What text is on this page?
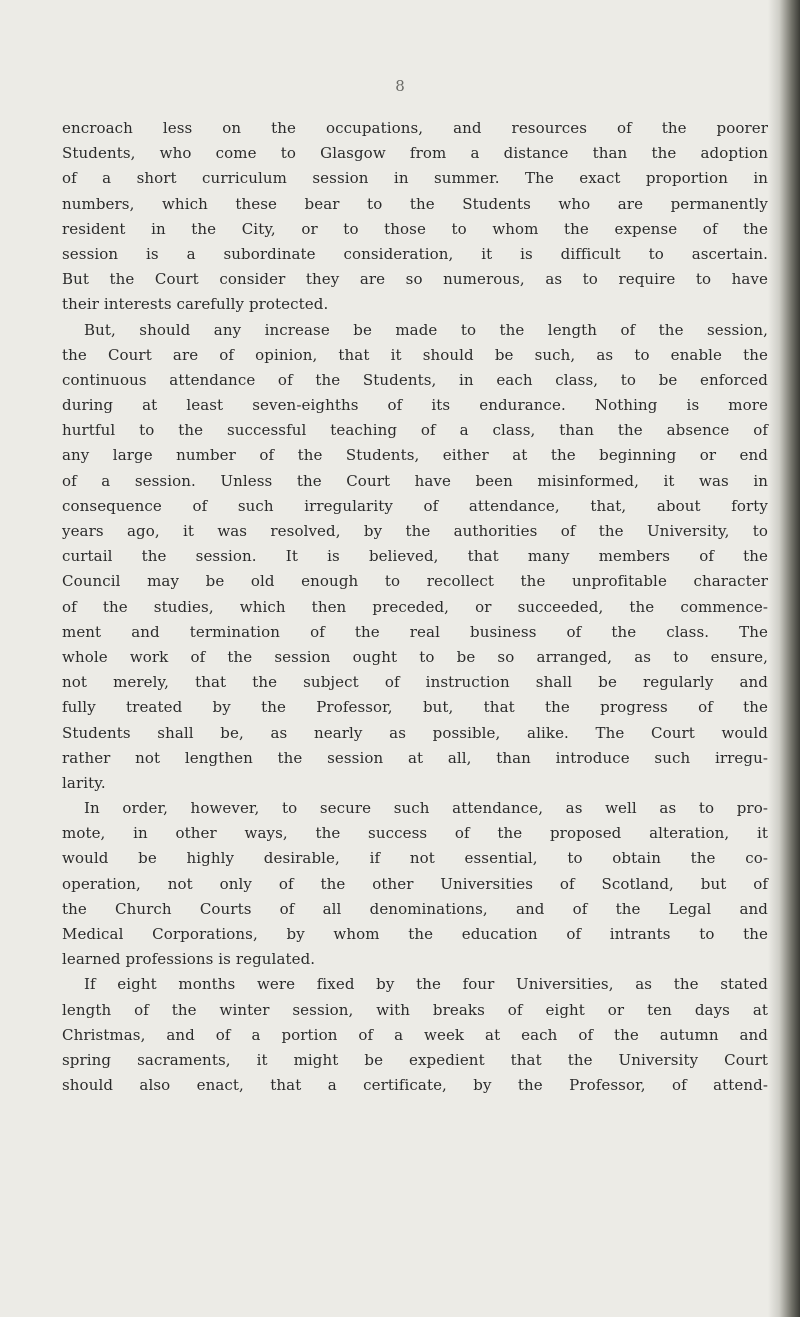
8
encroach less on the occupations, and resources of the poorer
Students, who come to Glasgow from a distance than the adoption
of a short curriculum session in summer. The exact proportion in
numbers, which these bear to the Students who are permanently
resident in the City, or to those to whom the expense of the
session is a subordinate consideration, it is difficult to ascertain.
But the Court consider they are so numerous, as to require to have
their interests carefully protected.
But, should any increase be made to the length of the session,
the Court are of opinion, that it should be such, as to enable the
continuous attendance of the Students, in each class, to be enforced
during at least seven-eighths of its endurance. Nothing is more
hurtful to the successful teaching of a class, than the absence of
any large number of the Students, either at the beginning or end
of a session. Unless the Court have been misinformed, it was in
consequence of such irregularity of attendance, that, about forty
years ago, it was resolved, by the authorities of the University, to
curtail the session. It is believed, that many members of the
Council may be old enough to recollect the unprofitable character
of the studies, which then preceded, or succeeded, the commence-
ment and termination of the real business of the class. The
whole work of the session ought to be so arranged, as to ensure,
not merely, that the subject of instruction shall be regularly and
fully treated by the Professor, but, that the progress of the
Students shall be, as nearly as possible, alike. The Court would
rather not lengthen the session at all, than introduce such irregu-
larity.
In order, however, to secure such attendance, as well as to pro-
mote, in other ways, the success of the proposed alteration, it
would be highly desirable, if not essential, to obtain the co-
operation, not only of the other Universities of Scotland, but of
the Church Courts of all denominations, and of the Legal and
Medical Corporations, by whom the education of intrants to the
learned professions is regulated.
If eight months were fixed by the four Universities, as the stated
length of the winter session, with breaks of eight or ten days at
Christmas, and of a portion of a week at each of the autumn and
spring sacraments, it might be expedient that the University Court
should also enact, that a certificate, by the Professor, of attend-
